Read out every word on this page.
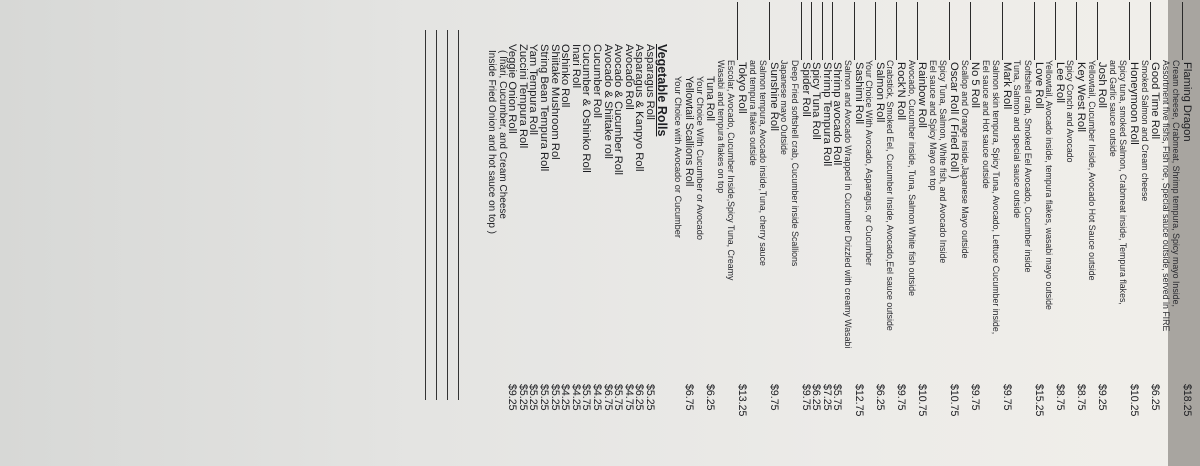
Flaming Dragon
$18.25
Cream cheese, Crabmeat, Shrimp tempura, Spicy mayo Inside,
Assortment five fishs, Fish roe, Special sauce outside, served in FIRE
Good Time Roll
$6.25
Smoked Salmon and Cream cheese
Honeymoon Roll
$10.25
Spicy tuna, smoked Salmon, Crabmeat inside, Tempura flakes,
and Garlic sauce outside
Josh Roll
$9.25
Yellowtail, Cucumber Inside, Avocado Hot Sauce outside
Key West Roll
$8.75
Spicy Conch and Avocado
Lee Roll
$8.75
Yellowtail, Avocado inside, tempura flakes, wasabi mayo outside
Love Roll
$15.25
Softshell crab, Smoked Eel Avocado, Cucumber inside
Tuna, Salmon and special sauce outside
Mark Roll
$9.75
Salmon skin tempura, Spicy Tuna, Avocado, Lettuce Cucumber inside,
Eel sauce and Hot sauce outside
No 5 Roll
$9.75
Scallop and Orange inside,Japanese Mayo outside
Oscar Roll ( Fried Roll )
$10.75
Spicy Tuna, Salmon, White fish, and Avocado Inside
Eel sauce and Spicy Mayo on top
Rainbow Roll
$10.75
Avocado, Cucumber inside, Tuna, Salmon White fish outside
Rock'N Roll
$9.75
Crabstick, Smoked Eel, Cucumber Inside, Avocado,Eel sauce outside
Salmon Roll
$6.25
Your Choice With Avocado, Asparagus, or Cucumber
Sashimi Roll
$12.75
Salmon and Avocado Wrapped in Cucumber Drizzled with creamy Wasabi
Shrimp avocado Roll
$5.75
Shrimp Tempura Roll
$7.25
Spicy Tuna Roll
$6.25
Spider Roll
$9.75
Deep Fried softshell crab, Cucumber inside Scallions
Japanese mayo Outside
Sunshine Roll
$9.75
Salmon tempura, Avocado inside,Tuna, cherry sauce
and tempura flakes outside
Tokyo Roll
$13.25
Escolar, Avocado, Cucumber Inside,Spicy Tuna, Creamy
Wasabi and tempura flakes on top
Tuna Roll
$6.25
Your Choice With Cucumber or Avocado
Yellowtail Scallions Roll
$6.75
Your Choice with Avocado or Cucumber
Vegetable Rolls
Asparagus Roll
$5.25
Asparagus & Kanpyo Roll
$6.25
Avocado Roll
$4.75
Avocado & Cucumber Roll
$5.75
Avocado & Shiitake roll
$6.75
Cucumber Roll
$4.25
Cucumber & Oshinko Roll
$5.75
Inari Roll
$4.25
Oshinko Roll
$4.25
Shiitake Mushroom Rol
$5.25
String Bean Tempura Roll
$5.25
Yam Tempura Roll
$5.25
Zuccini Tempura Roll
$5.25
Veggie Onion Roll
$9.25
( Inari, Cucumber, and Cream Cheese
Inside Fried Onion and hot sauce on top )
